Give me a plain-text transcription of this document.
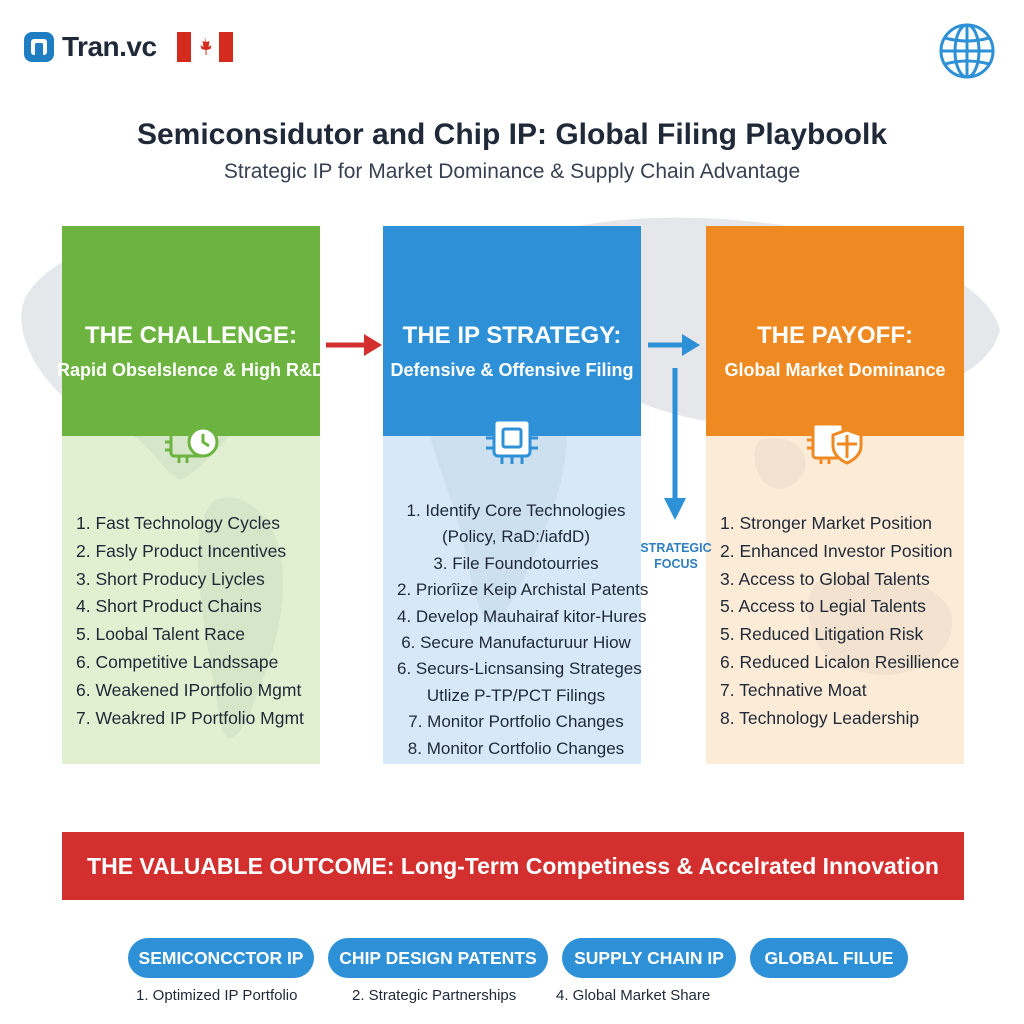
Tran.vc
Semiconsidutor and Chip IP: Global Filing Playboolk
Strategic IP for Market Dominance & Supply Chain Advantage
THE CHALLENGE:
Rapid Obselslence & High R&D
1. Fast Technology Cycles
2. Fasly Product Incentives
3. Short Producy Liycles
4. Short Product Chains
5. Loobal Talent Race
6. Competitive Landssape
6. Weakened IPortfolio Mgmt
7. Weakred IP Portfolio Mgmt
THE IP STRATEGY:
Defensive & Offensive Filing
1. Identify Core Technologies
(Policy, RaD:/iafdD)
3. File Foundotourries
2. Priorîize Keip Archistal Patents
4. Develop Mauhairaf kitor-Hures
6. Secure Manufacturuur Hiow
6. Securs-Licnsansing Strateges
Utlize P-TP/PCT Filings
7. Monitor Portfolio Changes
8. Monitor Cortfolio Changes
THE PAYOFF:
Global Market Dominance
1. Stronger Market Position
2. Enhanced Investor Position
3. Access to Global Talents
5. Access to Legial Talents
5. Reduced Litigation Risk
6. Reduced Licalon Resillience
7. Technative Moat
8. Technology Leadership
STRATEGIC FOCUS
THE VALUABLE OUTCOME: Long-Term Competiness & Accelrated Innovation
SEMICONCCTOR IP	CHIP DESIGN PATENTS	SUPPLY CHAIN IP	GLOBAL FILUE
1. Optimized IP Portfolio	2. Strategic Partnerships	4. Global Market Share
